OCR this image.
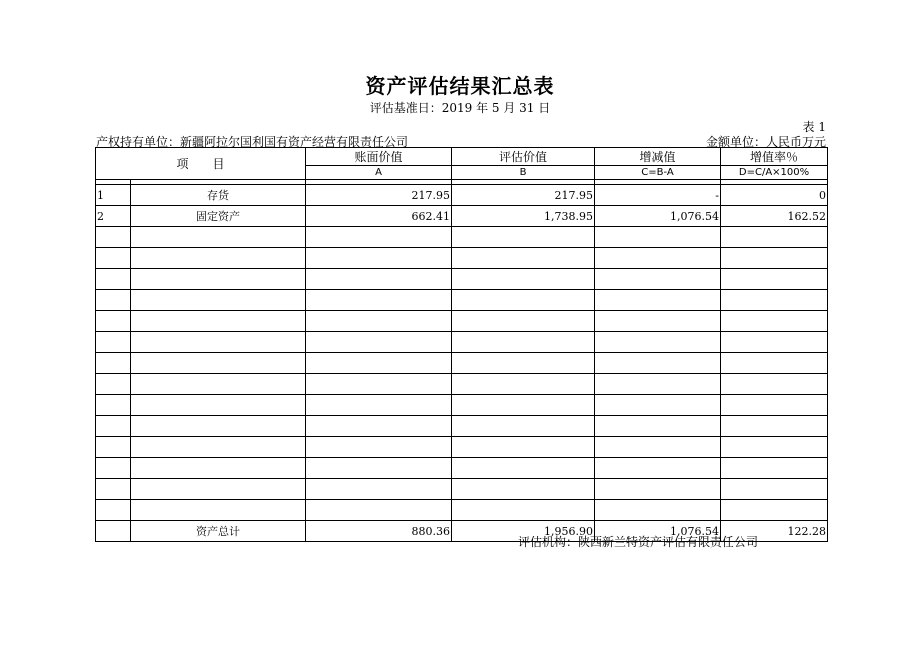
资产评估结果汇总表
评估基准日：2019 年 5 月 31 日
表 1
产权持有单位：新疆阿拉尔国利国有资产经营有限责任公司	金额单位：人民币万元
项　　目		账面价值	评估价值	增减值	增值率％
		A	B	C=B-A	D=C/A×100%

1	存货	217.95	217.95	-	0
2	固定资产	662.41	1,738.95	1,076.54	162.52

	资产总计	880.36	1,956.90	1,076.54	122.28
评估机构：陕西新兰特资产评估有限责任公司
